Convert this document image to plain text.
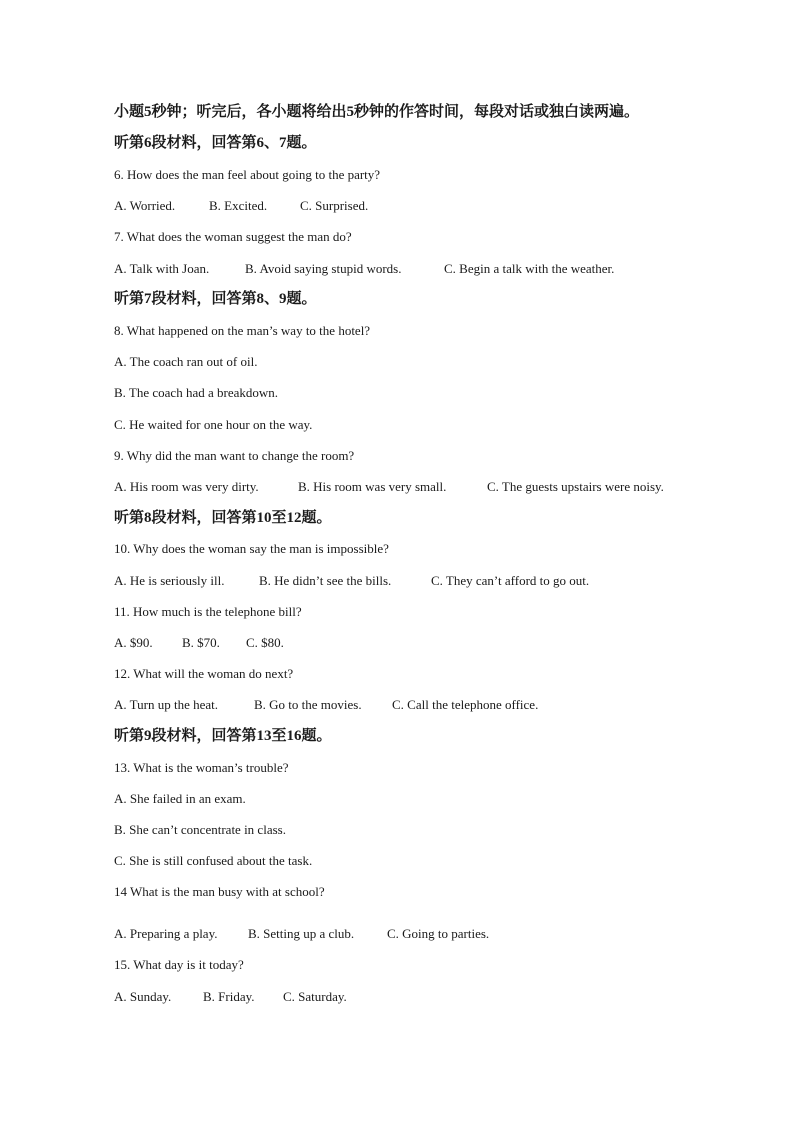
小题5秒钟；听完后，各小题将给出5秒钟的作答时间，每段对话或独白读两遍。
听第6段材料，回答第6、7题。
6. How does the man feel about going to the party?
A. Worried.	B. Excited.	C. Surprised.
7. What does the woman suggest the man do?
A. Talk with Joan.	B. Avoid saying stupid words.	C. Begin a talk with the weather.
听第7段材料，回答第8、9题。
8. What happened on the man’s way to the hotel?
A. The coach ran out of oil.
B. The coach had a breakdown.
C. He waited for one hour on the way.
9. Why did the man want to change the room?
A. His room was very dirty.	B. His room was very small.	C. The guests upstairs were noisy.
听第8段材料，回答第10至12题。
10. Why does the woman say the man is impossible?
A. He is seriously ill.	B. He didn’t see the bills.	C. They can’t afford to go out.
11. How much is the telephone bill?
A. $90. B. $70. C. $80.
12. What will the woman do next?
A. Turn up the heat.	B. Go to the movies. C. Call the telephone office.
听第9段材料，回答第13至16题。
13. What is the woman’s trouble?
A. She failed in an exam.
B. She can’t concentrate in class.
C. She is still confused about the task.
14 What is the man busy with at school?
A. Preparing a play. B. Setting up a club.	C. Going to parties.
15. What day is it today?
A. Sunday. B. Friday. C. Saturday.
